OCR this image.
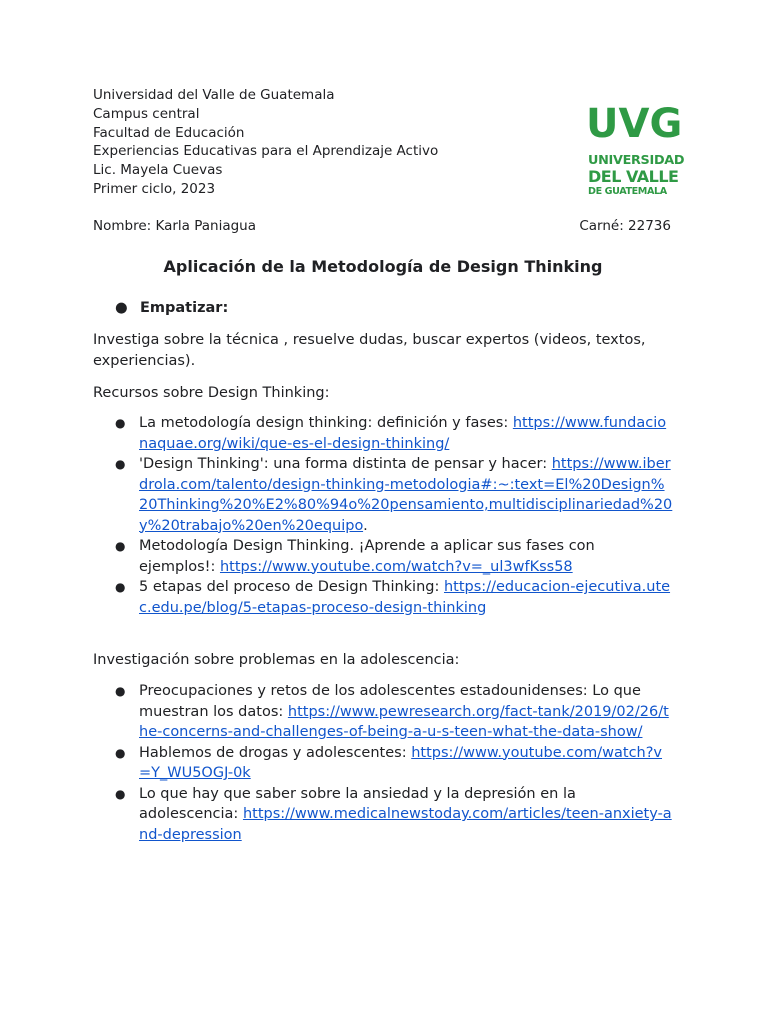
Universidad del Valle de Guatemala
Campus central
Facultad de Educación
Experiencias Educativas para el Aprendizaje Activo
Lic. Mayela Cuevas
Primer ciclo, 2023
UVG
UNIVERSIDAD
DEL VALLE
DE GUATEMALA
Nombre: Karla Paniagua	Carné: 22736
Aplicación de la Metodología de Design Thinking
● Empatizar:
Investiga sobre la técnica , resuelve dudas, buscar expertos (videos, textos, experiencias).
Recursos sobre Design Thinking:
● La metodología design thinking: definición y fases: https://www.fundacionaquae.org/wiki/que-es-el-design-thinking/
● 'Design Thinking': una forma distinta de pensar y hacer: https://www.iberdrola.com/talento/design-thinking-metodologia#:~:text=El%20Design%20Thinking%20%E2%80%94o%20pensamiento,multidisciplinariedad%20y%20trabajo%20en%20equipo.
● Metodología Design Thinking. ¡Aprende a aplicar sus fases con ejemplos!: https://www.youtube.com/watch?v=_ul3wfKss58
● 5 etapas del proceso de Design Thinking: https://educacion-ejecutiva.utec.edu.pe/blog/5-etapas-proceso-design-thinking
Investigación sobre problemas en la adolescencia:
● Preocupaciones y retos de los adolescentes estadounidenses: Lo que muestran los datos: https://www.pewresearch.org/fact-tank/2019/02/26/the-concerns-and-challenges-of-being-a-u-s-teen-what-the-data-show/
● Hablemos de drogas y adolescentes: https://www.youtube.com/watch?v=Y_WU5OGJ-0k
● Lo que hay que saber sobre la ansiedad y la depresión en la adolescencia: https://www.medicalnewstoday.com/articles/teen-anxiety-and-depression
